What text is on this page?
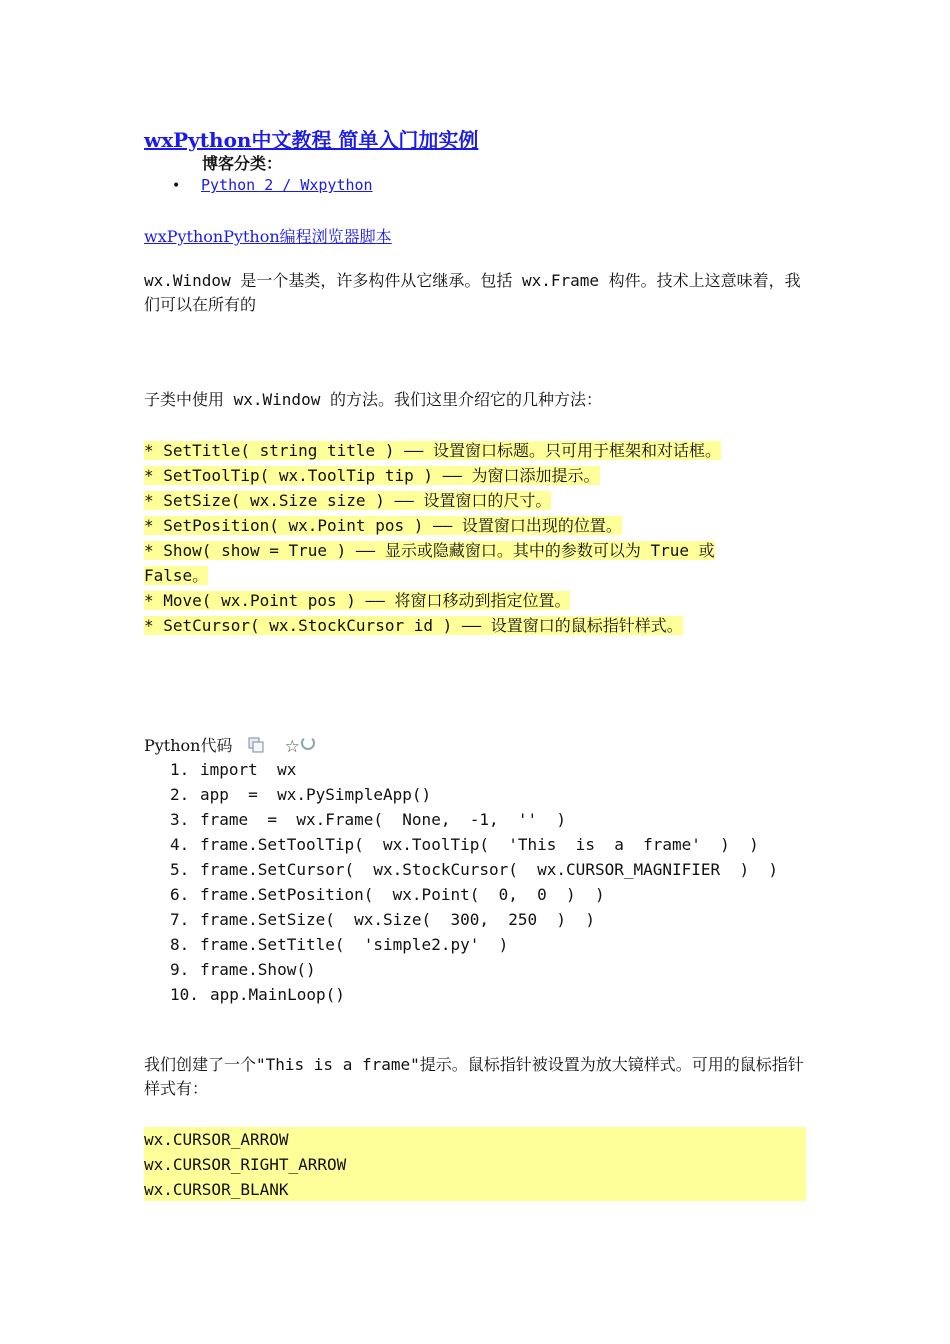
wxPython中文教程 简单入门加实例
博客分类：
• Python 2 / Wxpython
wxPythonPython编程浏览器脚本
wx.Window 是一个基类，许多构件从它继承。包括 wx.Frame 构件。技术上这意味着，我们可以在所有的
子类中使用 wx.Window 的方法。我们这里介绍它的几种方法：
* SetTitle( string title ) —— 设置窗口标题。只可用于框架和对话框。
* SetToolTip( wx.ToolTip tip ) —— 为窗口添加提示。
* SetSize( wx.Size size ) —— 设置窗口的尺寸。
* SetPosition( wx.Point pos ) —— 设置窗口出现的位置。
* Show( show = True ) —— 显示或隐藏窗口。其中的参数可以为 True 或
False。
* Move( wx.Point pos ) —— 将窗口移动到指定位置。
* SetCursor( wx.StockCursor id ) —— 设置窗口的鼠标指针样式。
Python代码	☆
1. import  wx
2. app  =  wx.PySimpleApp()
3. frame  =  wx.Frame(  None,  -1,  ''  )
4. frame.SetToolTip(  wx.ToolTip(  'This  is  a  frame'  )  )
5. frame.SetCursor(  wx.StockCursor(  wx.CURSOR_MAGNIFIER  )  )
6. frame.SetPosition(  wx.Point(  0,  0  )  )
7. frame.SetSize(  wx.Size(  300,  250  )  )
8. frame.SetTitle(  'simple2.py'  )
9. frame.Show()
10. app.MainLoop()
我们创建了一个"This is a frame"提示。鼠标指针被设置为放大镜样式。可用的鼠标指针样式有：
wx.CURSOR_ARROW
wx.CURSOR_RIGHT_ARROW
wx.CURSOR_BLANK
